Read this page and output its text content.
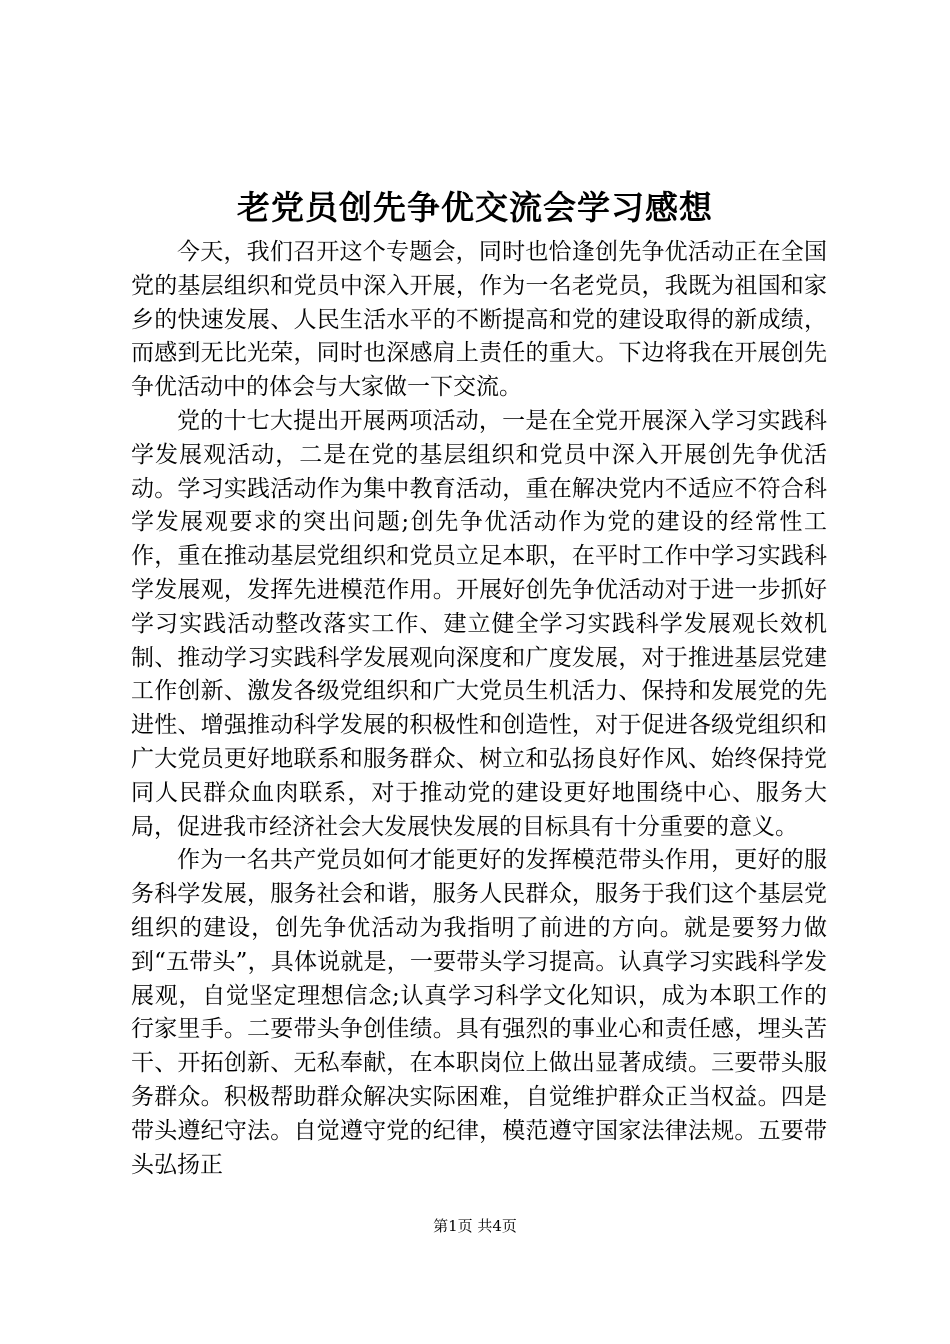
老党员创先争优交流会学习感想

今天，我们召开这个专题会，同时也恰逢创先争优活动正在全国党的基层组织和党员中深入开展，作为一名老党员，我既为祖国和家乡的快速发展、人民生活水平的不断提高和党的建设取得的新成绩，而感到无比光荣，同时也深感肩上责任的重大。下边将我在开展创先争优活动中的体会与大家做一下交流。

党的十七大提出开展两项活动，一是在全党开展深入学习实践科学发展观活动，二是在党的基层组织和党员中深入开展创先争优活动。学习实践活动作为集中教育活动，重在解决党内不适应不符合科学发展观要求的突出问题;创先争优活动作为党的建设的经常性工作，重在推动基层党组织和党员立足本职，在平时工作中学习实践科学发展观，发挥先进模范作用。开展好创先争优活动对于进一步抓好学习实践活动整改落实工作、建立健全学习实践科学发展观长效机制、推动学习实践科学发展观向深度和广度发展，对于推进基层党建工作创新、激发各级党组织和广大党员生机活力、保持和发展党的先进性、增强推动科学发展的积极性和创造性，对于促进各级党组织和广大党员更好地联系和服务群众、树立和弘扬良好作风、始终保持党同人民群众血肉联系，对于推动党的建设更好地围绕中心、服务大局，促进我市经济社会大发展快发展的目标具有十分重要的意义。

作为一名共产党员如何才能更好的发挥模范带头作用，更好的服务科学发展，服务社会和谐，服务人民群众，服务于我们这个基层党组织的建设，创先争优活动为我指明了前进的方向。就是要努力做到“五带头”，具体说就是，一要带头学习提高。认真学习实践科学发展观，自觉坚定理想信念;认真学习科学文化知识，成为本职工作的行家里手。二要带头争创佳绩。具有强烈的事业心和责任感，埋头苦干、开拓创新、无私奉献，在本职岗位上做出显著成绩。三要带头服务群众。积极帮助群众解决实际困难，自觉维护群众正当权益。四是带头遵纪守法。自觉遵守党的纪律，模范遵守国家法律法规。五要带头弘扬正

第1页 共4页
